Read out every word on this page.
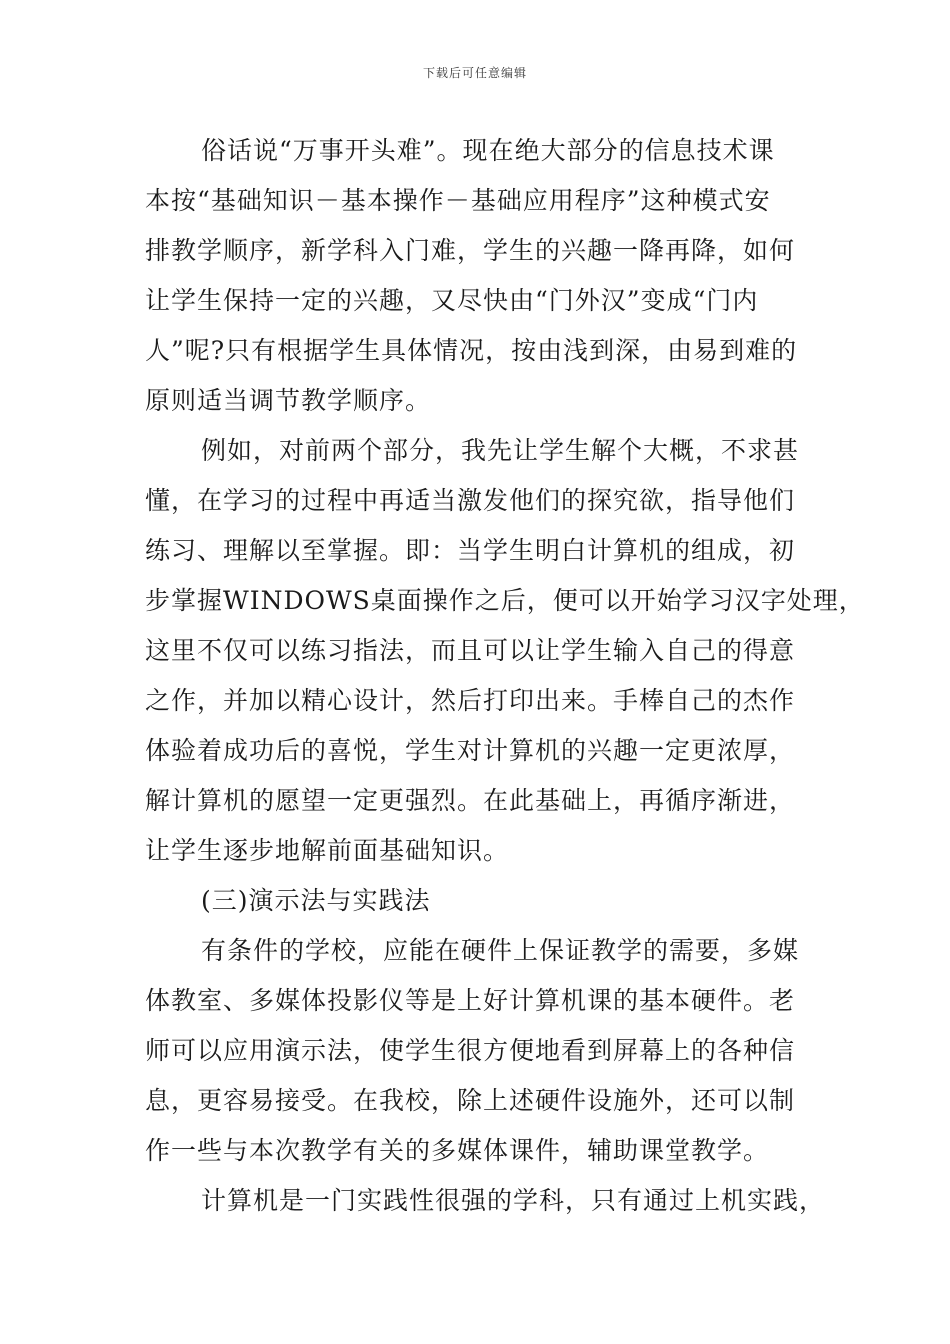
下载后可任意编辑
俗话说“万事开头难”。现在绝大部分的信息技术课
本按“基础知识－基本操作－基础应用程序”这种模式安
排教学顺序，新学科入门难，学生的兴趣一降再降，如何
让学生保持一定的兴趣，又尽快由“门外汉”变成“门内
人”呢?只有根据学生具体情况，按由浅到深，由易到难的
原则适当调节教学顺序。
例如，对前两个部分，我先让学生解个大概，不求甚
懂，在学习的过程中再适当激发他们的探究欲，指导他们
练习、理解以至掌握。即：当学生明白计算机的组成，初
步掌握WINDOWS桌面操作之后，便可以开始学习汉字处理，
这里不仅可以练习指法，而且可以让学生输入自己的得意
之作，并加以精心设计，然后打印出来。手棒自己的杰作
体验着成功后的喜悦，学生对计算机的兴趣一定更浓厚，
解计算机的愿望一定更强烈。在此基础上，再循序渐进，
让学生逐步地解前面基础知识。
(三)演示法与实践法
有条件的学校，应能在硬件上保证教学的需要，多媒
体教室、多媒体投影仪等是上好计算机课的基本硬件。老
师可以应用演示法，使学生很方便地看到屏幕上的各种信
息，更容易接受。在我校，除上述硬件设施外，还可以制
作一些与本次教学有关的多媒体课件，辅助课堂教学。
计算机是一门实践性很强的学科，只有通过上机实践，
